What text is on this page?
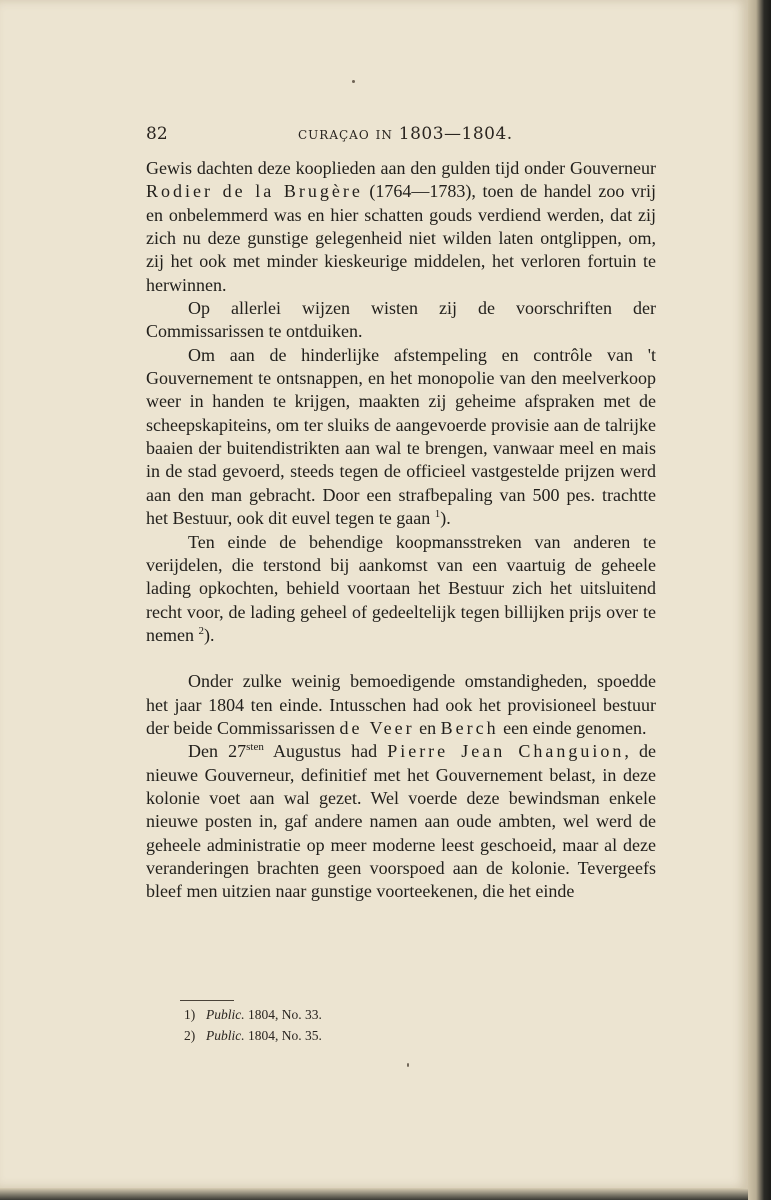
82	CURAÇAO IN 1803—1804.

Gewis dachten deze kooplieden aan den gulden tijd onder Gouverneur Rodier de la Brugère (1764—1783), toen de handel zoo vrij en onbelemmerd was en hier schatten gouds verdiend werden, dat zij zich nu deze gunstige gelegenheid niet wilden laten ontglippen, om, zij het ook met minder kieskeurige middelen, het verloren fortuin te herwinnen.

Op allerlei wijzen wisten zij de voorschriften der Commissarissen te ontduiken.

Om aan de hinderlijke afstempeling en contrôle van 't Gouvernement te ontsnappen, en het monopolie van den meelverkoop weer in handen te krijgen, maakten zij geheime afspraken met de scheepskapiteins, om ter sluiks de aangevoerde provisie aan de talrijke baaien der buitendistrikten aan wal te brengen, vanwaar meel en mais in de stad gevoerd, steeds tegen de officieel vastgestelde prijzen werd aan den man gebracht. Door een strafbepaling van 500 pes. trachtte het Bestuur, ook dit euvel tegen te gaan $^1$).

Ten einde de behendige koopmansstreken van anderen te verijdelen, die terstond bij aankomst van een vaartuig de geheele lading opkochten, behield voortaan het Bestuur zich het uitsluitend recht voor, de lading geheel of gedeeltelijk tegen billijken prijs over te nemen $^2$).

Onder zulke weinig bemoedigende omstandigheden, spoedde het jaar 1804 ten einde. Intusschen had ook het provisioneel bestuur der beide Commissarissen de Veer en Berch een einde genomen.

Den $27^{sten}$ Augustus had Pierre Jean Changuion, de nieuwe Gouverneur, definitief met het Gouvernement belast, in deze kolonie voet aan wal gezet. Wel voerde deze bewindsman enkele nieuwe posten in, gaf andere namen aan oude ambten, wel werd de geheele administratie op meer moderne leest geschoeid, maar al deze veranderingen brachten geen voorspoed aan de kolonie. Tevergeefs bleef men uitzien naar gunstige voorteekenen, die het einde

1) Public. 1804, No. 33.
2) Public. 1804, No. 35.
